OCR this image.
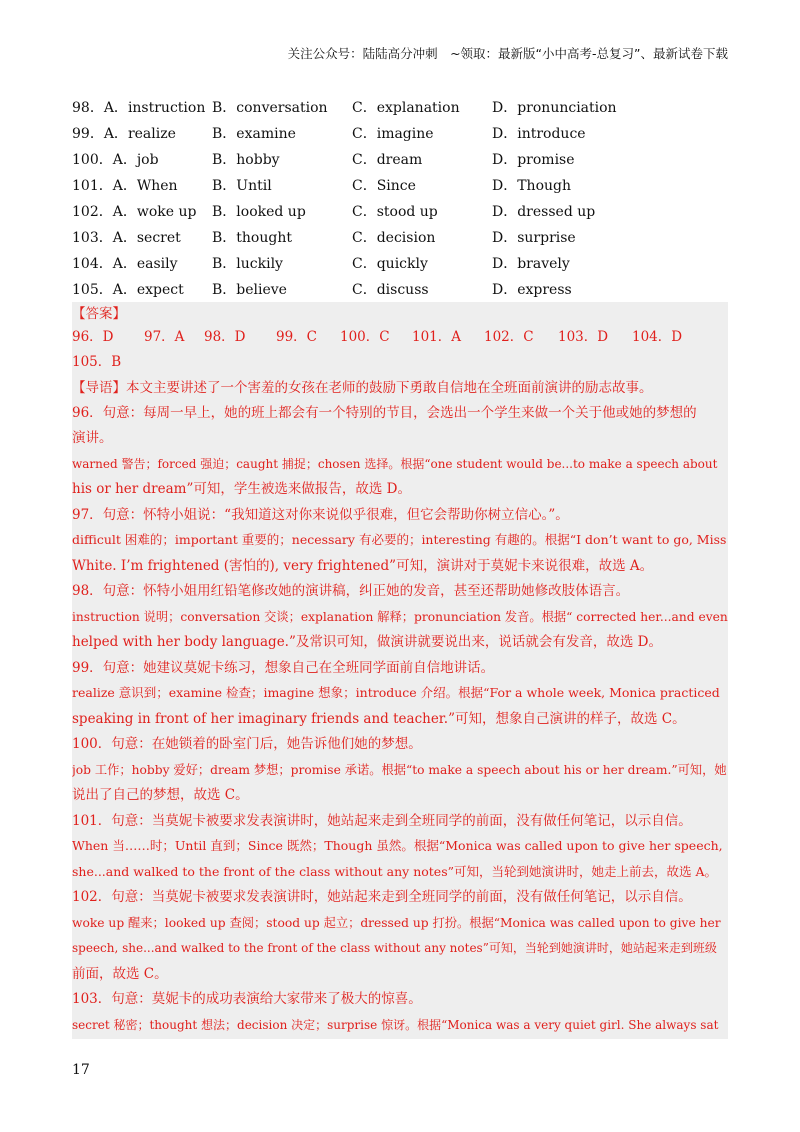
关注公众号：陆陆高分冲刺　~领取：最新版“小中高考-总复习”、最新试卷下载
98．A．instruction B．conversation	C．explanation	D．pronunciation
99．A．realize	B．examine	C．imagine	D．introduce
100．A．job	B．hobby	C．dream	D．promise
101．A．When	B．Until	C．Since	D．Though
102．A．woke up	B．looked up	C．stood up	D．dressed up
103．A．secret	B．thought	C．decision	D．surprise
104．A．easily	B．luckily	C．quickly	D．bravely
105．A．expect	B．believe	C．discuss	D．express
【答案】
96．D 97．A 98．D 99．C 100．C 101．A 102．C 103．D 104．D
105．B
【导语】本文主要讲述了一个害羞的女孩在老师的鼓励下勇敢自信地在全班面前演讲的励志故事。
96．句意：每周一早上，她的班上都会有一个特别的节目，会选出一个学生来做一个关于他或她的梦想的
演讲。
warned 警告；forced 强迫；caught 捕捉；chosen 选择。根据“one student would be...to make a speech about
his or her dream”可知，学生被选来做报告，故选 D。
97．句意：怀特小姐说：“我知道这对你来说似乎很难，但它会帮助你树立信心。”。
difficult 困难的；important 重要的；necessary 有必要的；interesting 有趣的。根据“I don’t want to go, Miss
White. I’m frightened (害怕的), very frightened”可知，演讲对于莫妮卡来说很难，故选 A。
98．句意：怀特小姐用红铅笔修改她的演讲稿，纠正她的发音，甚至还帮助她修改肢体语言。
instruction 说明；conversation 交谈；explanation 解释；pronunciation 发音。根据“ corrected her...and even
helped with her body language.”及常识可知，做演讲就要说出来，说话就会有发音，故选 D。
99．句意：她建议莫妮卡练习，想象自己在全班同学面前自信地讲话。
realize 意识到；examine 检查；imagine 想象；introduce 介绍。根据“For a whole week, Monica practiced
speaking in front of her imaginary friends and teacher.”可知，想象自己演讲的样子，故选 C。
100．句意：在她锁着的卧室门后，她告诉他们她的梦想。
job 工作；hobby 爱好；dream 梦想；promise 承诺。根据“to make a speech about his or her dream.”可知，她
说出了自己的梦想，故选 C。
101．句意：当莫妮卡被要求发表演讲时，她站起来走到全班同学的前面，没有做任何笔记，以示自信。
When 当……时；Until 直到；Since 既然；Though 虽然。根据“Monica was called upon to give her speech,
she...and walked to the front of the class without any notes”可知，当轮到她演讲时，她走上前去，故选 A。
102．句意：当莫妮卡被要求发表演讲时，她站起来走到全班同学的前面，没有做任何笔记，以示自信。
woke up 醒来；looked up 查阅；stood up 起立；dressed up 打扮。根据“Monica was called upon to give her
speech, she...and walked to the front of the class without any notes”可知，当轮到她演讲时，她站起来走到班级
前面，故选 C。
103．句意：莫妮卡的成功表演给大家带来了极大的惊喜。
secret 秘密；thought 想法；decision 决定；surprise 惊讶。根据“Monica was a very quiet girl. She always sat
17
